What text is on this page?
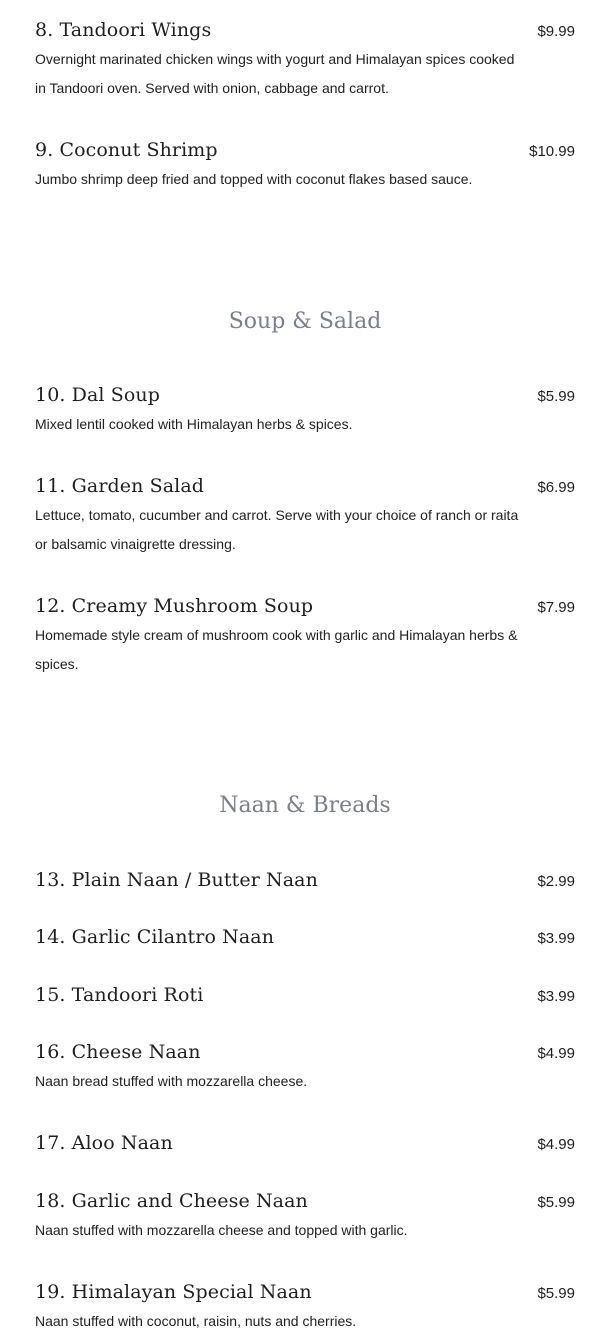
8. Tandoori Wings	$9.99
Overnight marinated chicken wings with yogurt and Himalayan spices cooked in Tandoori oven. Served with onion, cabbage and carrot.
9. Coconut Shrimp	$10.99
Jumbo shrimp deep fried and topped with coconut flakes based sauce.
Soup & Salad
10. Dal Soup	$5.99
Mixed lentil cooked with Himalayan herbs & spices.
11. Garden Salad	$6.99
Lettuce, tomato, cucumber and carrot. Serve with your choice of ranch or raita or balsamic vinaigrette dressing.
12. Creamy Mushroom Soup	$7.99
Homemade style cream of mushroom cook with garlic and Himalayan herbs & spices.
Naan & Breads
13. Plain Naan / Butter Naan	$2.99
14. Garlic Cilantro Naan	$3.99
15. Tandoori Roti	$3.99
16. Cheese Naan	$4.99
Naan bread stuffed with mozzarella cheese.
17. Aloo Naan	$4.99
18. Garlic and Cheese Naan	$5.99
Naan stuffed with mozzarella cheese and topped with garlic.
19. Himalayan Special Naan	$5.99
Naan stuffed with coconut, raisin, nuts and cherries.
